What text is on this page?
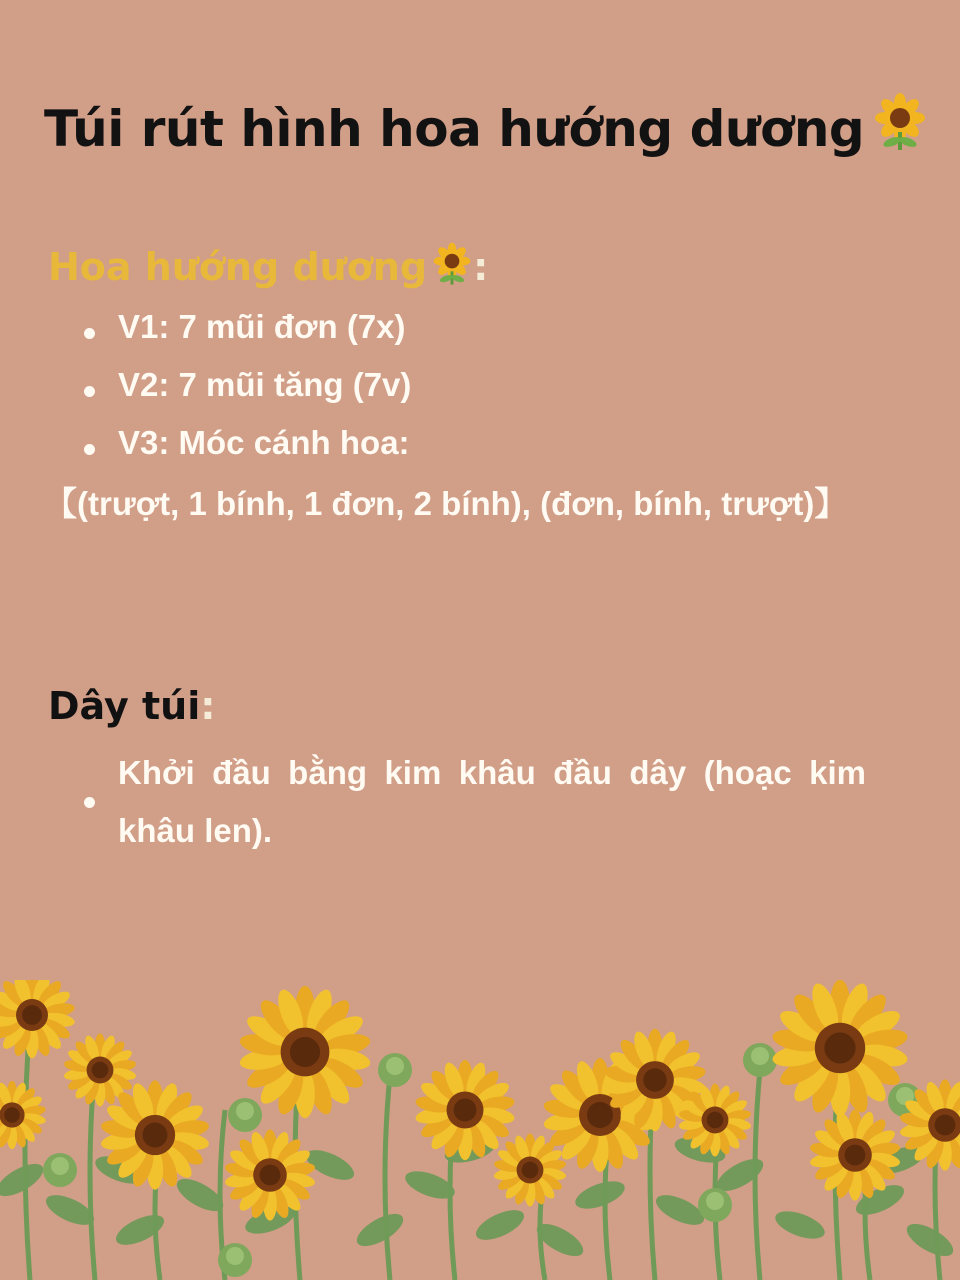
Túi rút hình hoa hướng dương
Hoa hướng dương :
V1: 7 mũi đơn (7x)
V2: 7 mũi tăng (7v)
V3: Móc cánh hoa:

【(trượt, 1 bính, 1 đơn, 2 bính), (đơn, bính, trượt)】

Dây túi:
Khởi đầu bằng kim khâu đầu dây (hoạc kim khâu len).
